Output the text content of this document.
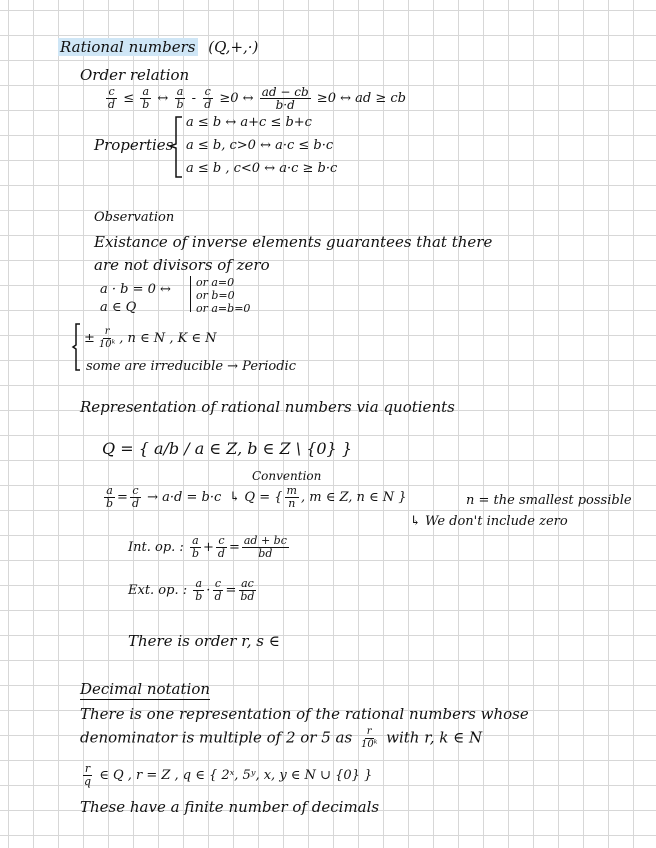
Rational numbers (Q,+,·)
Order relation
$\frac{c}{d} \le \frac{a}{b}$ ↔ $\frac{a}{b} - \frac{c}{d} \ge 0$ ↔ $\frac{ad - cb}{b\cdot d} \ge 0$ ↔ ad ≥ cb
Properties
a ≤ b ↔ a+c ≤ b+c
a ≤ b, c>0 ↔ a·c ≤ b·c
a ≤ b , c<0 ↔ a·c ≥ b·c
Observation
Existance of inverse elements guarantees that there
are not divisors of zero
a · b = 0 ↔
a ∈ Q
or a=0
or b=0
or a=b=0
± $\frac{r}{\text{10ᵏ}}$ , n ∈ N , K ∈ N
some are irreducible → Periodic
Representation of rational numbers via quotients
Q = { a/b / a ∈ Z, b ∈ Z \ {0} }
Convention
$\frac{a}{b} = \frac{c}{d} \to a\cdot d = b\cdot c$ ↳ Q = { $\frac{m}{n}$ , m ∈ Z, n ∈ N }	n = the smallest possible
↳ We don't include zero
Int. op. : $\frac{a}{b} + \frac{c}{d} = \frac{ad + bc}{bd}$
Ext. op. : $\frac{a}{b} \cdot \frac{c}{d} = \frac{ac}{bd}$
There is order r, s ∈
Decimal notation
There is one representation of the rational numbers whose
denominator is multiple of 2 or 5 as $\frac{r}{\text{10ᵏ}}$ with r, k ∈ N
$\frac{r}{q}$ ∈ Q , r = Z , q ∈ { 2ˣ, 5ʸ, x, y ∈ N ∪ {0} }
These have a finite number of decimals
